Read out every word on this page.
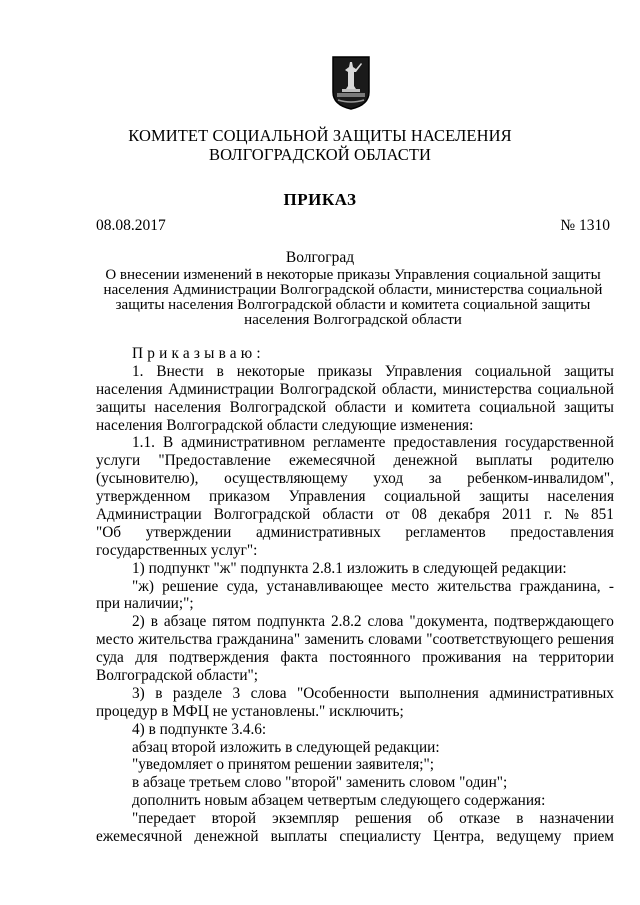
КОМИТЕТ СОЦИАЛЬНОЙ ЗАЩИТЫ НАСЕЛЕНИЯ
ВОЛГОГРАДСКОЙ ОБЛАСТИ
ПРИКАЗ
08.08.2017	№ 1310
Волгоград
О внесении изменений в некоторые приказы Управления социальной защиты
населения Администрации Волгоградской области, министерства социальной
защиты населения Волгоградской области и комитета социальной защиты
населения Волгоградской области
Приказываю:
1. Внести в некоторые приказы Управления социальной защиты
населения Администрации Волгоградской области, министерства социальной
защиты населения Волгоградской области и комитета социальной защиты
населения Волгоградской области следующие изменения:
1.1. В административном регламенте предоставления государственной
услуги "Предоставление ежемесячной денежной выплаты родителю
(усыновителю), осуществляющему уход за ребенком-инвалидом",
утвержденном приказом Управления социальной защиты населения
Администрации Волгоградской области от 08 декабря 2011 г. № 851
"Об утверждении административных регламентов предоставления
государственных услуг":
1) подпункт "ж" подпункта 2.8.1 изложить в следующей редакции:
"ж) решение суда, устанавливающее место жительства гражданина, -
при наличии;";
2) в абзаце пятом подпункта 2.8.2 слова "документа, подтверждающего
место жительства гражданина" заменить словами "соответствующего решения
суда для подтверждения факта постоянного проживания на территории
Волгоградской области";
3) в разделе 3 слова "Особенности выполнения административных
процедур в МФЦ не установлены." исключить;
4) в подпункте 3.4.6:
абзац второй изложить в следующей редакции:
"уведомляет о принятом решении заявителя;";
в абзаце третьем слово "второй" заменить словом "один";
дополнить новым абзацем четвертым следующего содержания:
"передает второй экземпляр решения об отказе в назначении
ежемесячной денежной выплаты специалисту Центра, ведущему прием
